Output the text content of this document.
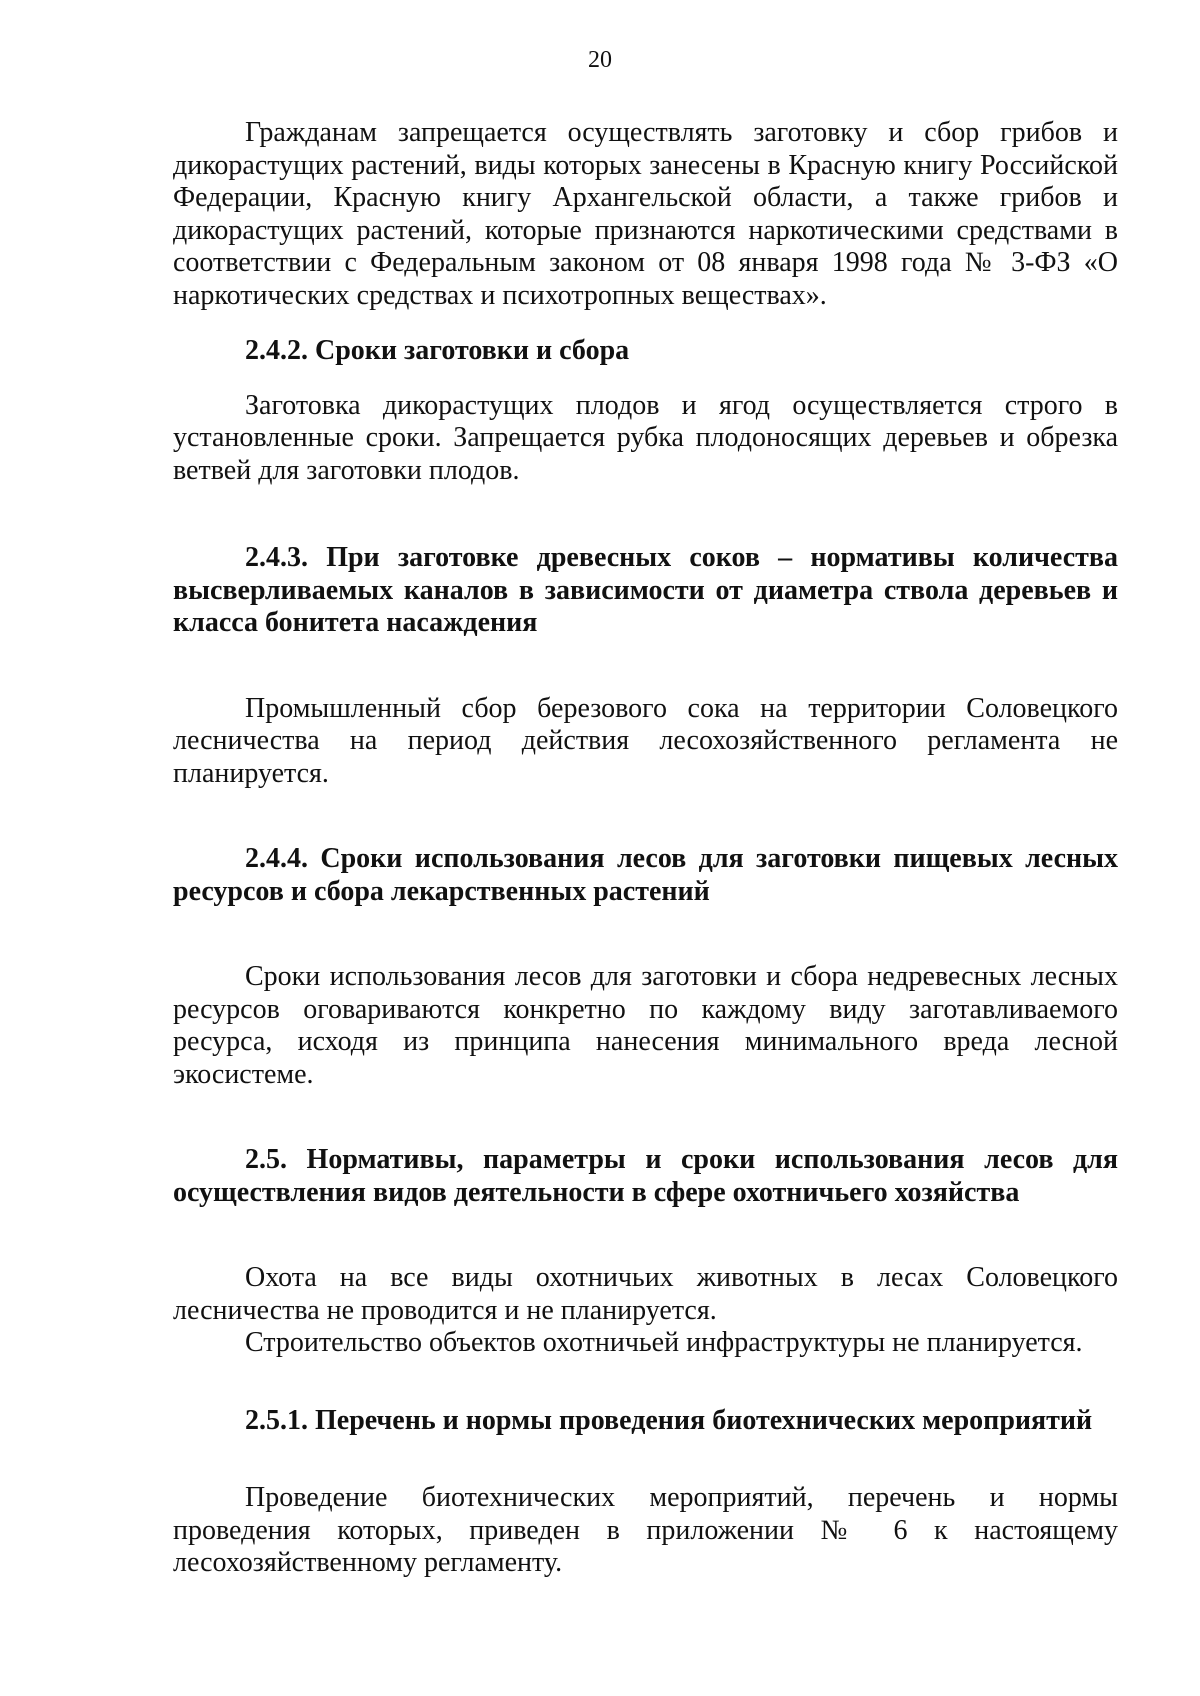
20

Гражданам запрещается осуществлять заготовку и сбор грибов и дикорастущих растений, виды которых занесены в Красную книгу Российской Федерации, Красную книгу Архангельской области, а также грибов и дикорастущих растений, которые признаются наркотическими средствами в соответствии с Федеральным законом от 08 января 1998 года № 3-ФЗ «О наркотических средствах и психотропных веществах».

2.4.2. Сроки заготовки и сбора

Заготовка дикорастущих плодов и ягод осуществляется строго в установленные сроки. Запрещается рубка плодоносящих деревьев и обрезка ветвей для заготовки плодов.

2.4.3. При заготовке древесных соков – нормативы количества высверливаемых каналов в зависимости от диаметра ствола деревьев и класса бонитета насаждения

Промышленный сбор березового сока на территории Соловецкого лесничества на период действия лесохозяйственного регламента не планируется.

2.4.4. Сроки использования лесов для заготовки пищевых лесных ресурсов и сбора лекарственных растений

Сроки использования лесов для заготовки и сбора недревесных лесных ресурсов оговариваются конкретно по каждому виду заготавливаемого ресурса, исходя из принципа нанесения минимального вреда лесной экосистеме.

2.5. Нормативы, параметры и сроки использования лесов для осуществления видов деятельности в сфере охотничьего хозяйства

Охота на все виды охотничьих животных в лесах Соловецкого лесничества не проводится и не планируется.

Строительство объектов охотничьей инфраструктуры не планируется.

2.5.1. Перечень и нормы проведения биотехнических мероприятий

Проведение биотехнических мероприятий, перечень и нормы проведения которых, приведен в приложении № 6 к настоящему лесохозяйственному регламенту.
